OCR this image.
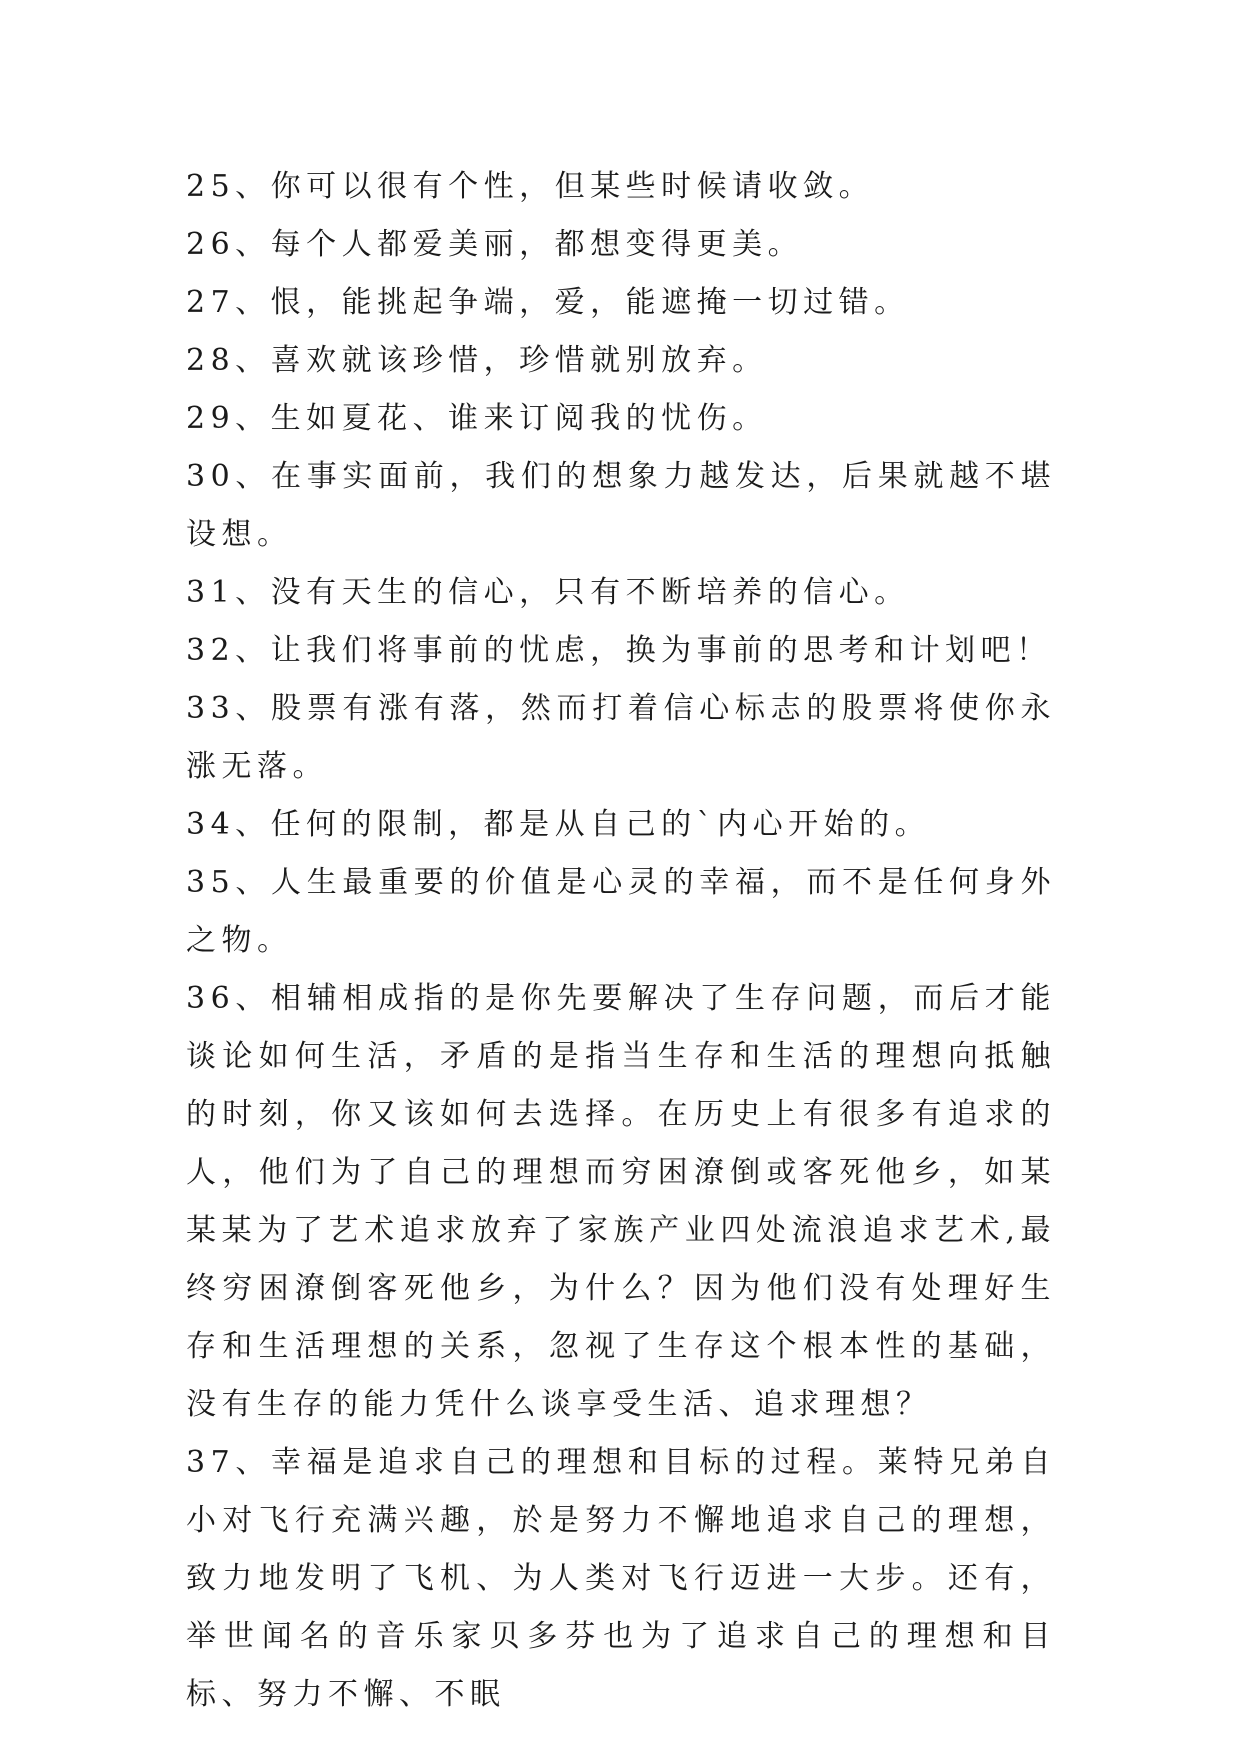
25、你可以很有个性，但某些时候请收敛。

26、每个人都爱美丽，都想变得更美。

27、恨，能挑起争端，爱，能遮掩一切过错。

28、喜欢就该珍惜，珍惜就别放弃。

29、生如夏花、谁来订阅我的忧伤。

30、在事实面前，我们的想象力越发达，后果就越不堪设想。

31、没有天生的信心，只有不断培养的信心。

32、让我们将事前的忧虑，换为事前的思考和计划吧！

33、股票有涨有落，然而打着信心标志的股票将使你永涨无落。

34、任何的限制，都是从自己的`内心开始的。

35、人生最重要的价值是心灵的幸福，而不是任何身外之物。

36、相辅相成指的是你先要解决了生存问题，而后才能谈论如何生活，矛盾的是指当生存和生活的理想向抵触的时刻，你又该如何去选择。在历史上有很多有追求的人，他们为了自己的理想而穷困潦倒或客死他乡，如某某某为了艺术追求放弃了家族产业四处流浪追求艺术,最终穷困潦倒客死他乡，为什么？因为他们没有处理好生存和生活理想的关系，忽视了生存这个根本性的基础，没有生存的能力凭什么谈享受生活、追求理想？

37、幸福是追求自己的理想和目标的过程。莱特兄弟自小对飞行充满兴趣，於是努力不懈地追求自己的理想，致力地发明了飞机、为人类对飞行迈进一大步。还有，举世闻名的音乐家贝多芬也为了追求自己的理想和目标、努力不懈、不眠
